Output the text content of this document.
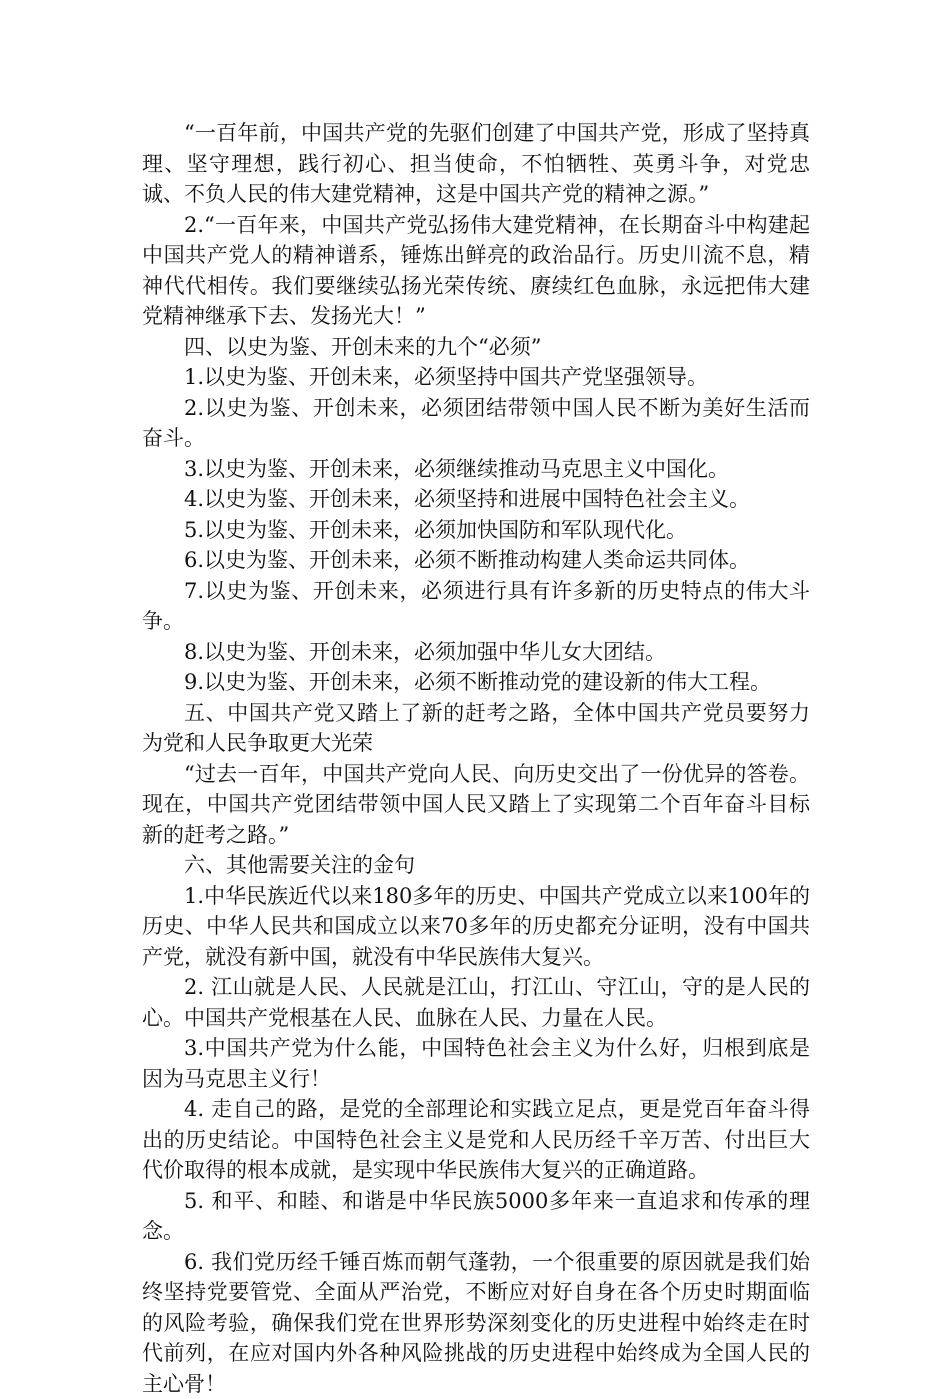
“一百年前，中国共产党的先驱们创建了中国共产党，形成了坚持真理、坚守理想，践行初心、担当使命，不怕牺牲、英勇斗争，对党忠诚、不负人民的伟大建党精神，这是中国共产党的精神之源。”

2.“一百年来，中国共产党弘扬伟大建党精神，在长期奋斗中构建起中国共产党人的精神谱系，锤炼出鲜亮的政治品行。历史川流不息，精神代代相传。我们要继续弘扬光荣传统、赓续红色血脉，永远把伟大建党精神继承下去、发扬光大！”

四、以史为鉴、开创未来的九个“必须”

1.以史为鉴、开创未来，必须坚持中国共产党坚强领导。

2.以史为鉴、开创未来，必须团结带领中国人民不断为美好生活而奋斗。

3.以史为鉴、开创未来，必须继续推动马克思主义中国化。

4.以史为鉴、开创未来，必须坚持和进展中国特色社会主义。

5.以史为鉴、开创未来，必须加快国防和军队现代化。

6.以史为鉴、开创未来，必须不断推动构建人类命运共同体。

7.以史为鉴、开创未来，必须进行具有许多新的历史特点的伟大斗争。

8.以史为鉴、开创未来，必须加强中华儿女大团结。

9.以史为鉴、开创未来，必须不断推动党的建设新的伟大工程。

五、中国共产党又踏上了新的赶考之路，全体中国共产党员要努力为党和人民争取更大光荣

“过去一百年，中国共产党向人民、向历史交出了一份优异的答卷。现在，中国共产党团结带领中国人民又踏上了实现第二个百年奋斗目标新的赶考之路。”

六、其他需要关注的金句

1.中华民族近代以来180多年的历史、中国共产党成立以来100年的历史、中华人民共和国成立以来70多年的历史都充分证明，没有中国共产党，就没有新中国，就没有中华民族伟大复兴。

2. 江山就是人民、人民就是江山，打江山、守江山，守的是人民的心。中国共产党根基在人民、血脉在人民、力量在人民。

3.中国共产党为什么能，中国特色社会主义为什么好，归根到底是因为马克思主义行！

4. 走自己的路，是党的全部理论和实践立足点，更是党百年奋斗得出的历史结论。中国特色社会主义是党和人民历经千辛万苦、付出巨大代价取得的根本成就，是实现中华民族伟大复兴的正确道路。

5. 和平、和睦、和谐是中华民族5000多年来一直追求和传承的理念。

6. 我们党历经千锤百炼而朝气蓬勃，一个很重要的原因就是我们始终坚持党要管党、全面从严治党，不断应对好自身在各个历史时期面临的风险考验，确保我们党在世界形势深刻变化的历史进程中始终走在时代前列，在应对国内外各种风险挑战的历史进程中始终成为全国人民的主心骨！
